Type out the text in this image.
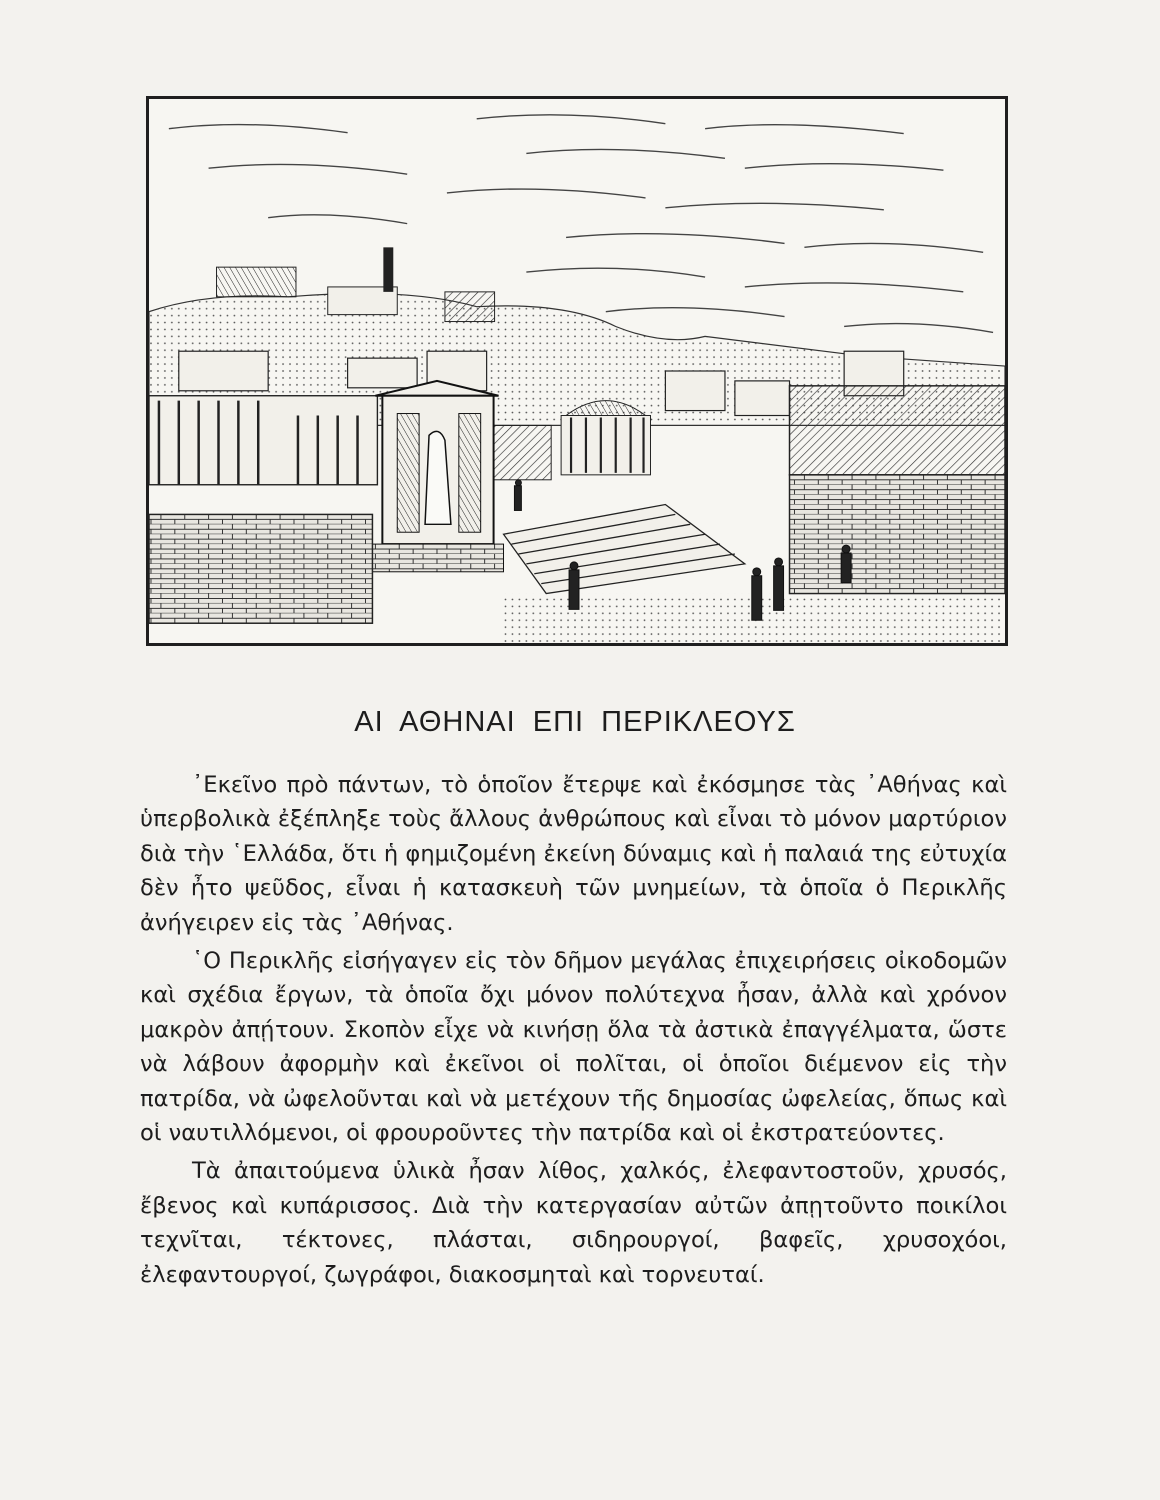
ΑΙ ΑΘΗΝΑΙ ΕΠΙ ΠΕΡΙΚΛΕΟΥΣ

᾿Εκεῖνο πρὸ πάντων, τὸ ὁποῖον ἔτερψε καὶ ἐκόσμησε τὰς ᾿Αθήνας καὶ ὑπερβολικὰ ἐξέπληξε τοὺς ἄλλους ἀνθρώπους καὶ εἶναι τὸ μόνον μαρτύριον διὰ τὴν ῾Ελλάδα, ὅτι ἡ φημιζομένη ἐκείνη δύναμις καὶ ἡ παλαιά της εὐτυχία δὲν ἦτο ψεῦδος, εἶναι ἡ κατασκευὴ τῶν μνημείων, τὰ ὁποῖα ὁ Περικλῆς ἀνήγειρεν εἰς τὰς ᾿Αθήνας.

῾Ο Περικλῆς εἰσήγαγεν εἰς τὸν δῆμον μεγάλας ἐπιχειρήσεις οἰκοδομῶν καὶ σχέδια ἔργων, τὰ ὁποῖα ὄχι μόνον πολύτεχνα ἦσαν, ἀλλὰ καὶ χρόνον μακρὸν ἀπῄτουν. Σκοπὸν εἶχε νὰ κινήσῃ ὅλα τὰ ἀστικὰ ἐπαγγέλματα, ὥστε νὰ λάβουν ἀφορμὴν καὶ ἐκεῖνοι οἱ πολῖται, οἱ ὁποῖοι διέμενον εἰς τὴν πατρίδα, νὰ ὠφελοῦνται καὶ νὰ μετέχουν τῆς δημοσίας ὠφελείας, ὅπως καὶ οἱ ναυτιλλόμενοι, οἱ φρουροῦντες τὴν πατρίδα καὶ οἱ ἐκστρατεύοντες.

Τὰ ἀπαιτούμενα ὑλικὰ ἦσαν λίθος, χαλκός, ἐλεφαντοστοῦν, χρυσός, ἔβενος καὶ κυπάρισσος. Διὰ τὴν κατεργασίαν αὐτῶν ἀπῃτοῦντο ποικίλοι τεχνῖται, τέκτονες, πλάσται, σιδηρουργοί, βαφεῖς, χρυσοχόοι, ἐλεφαντουργοί, ζωγράφοι, διακοσμηταὶ καὶ τορνευταί.
